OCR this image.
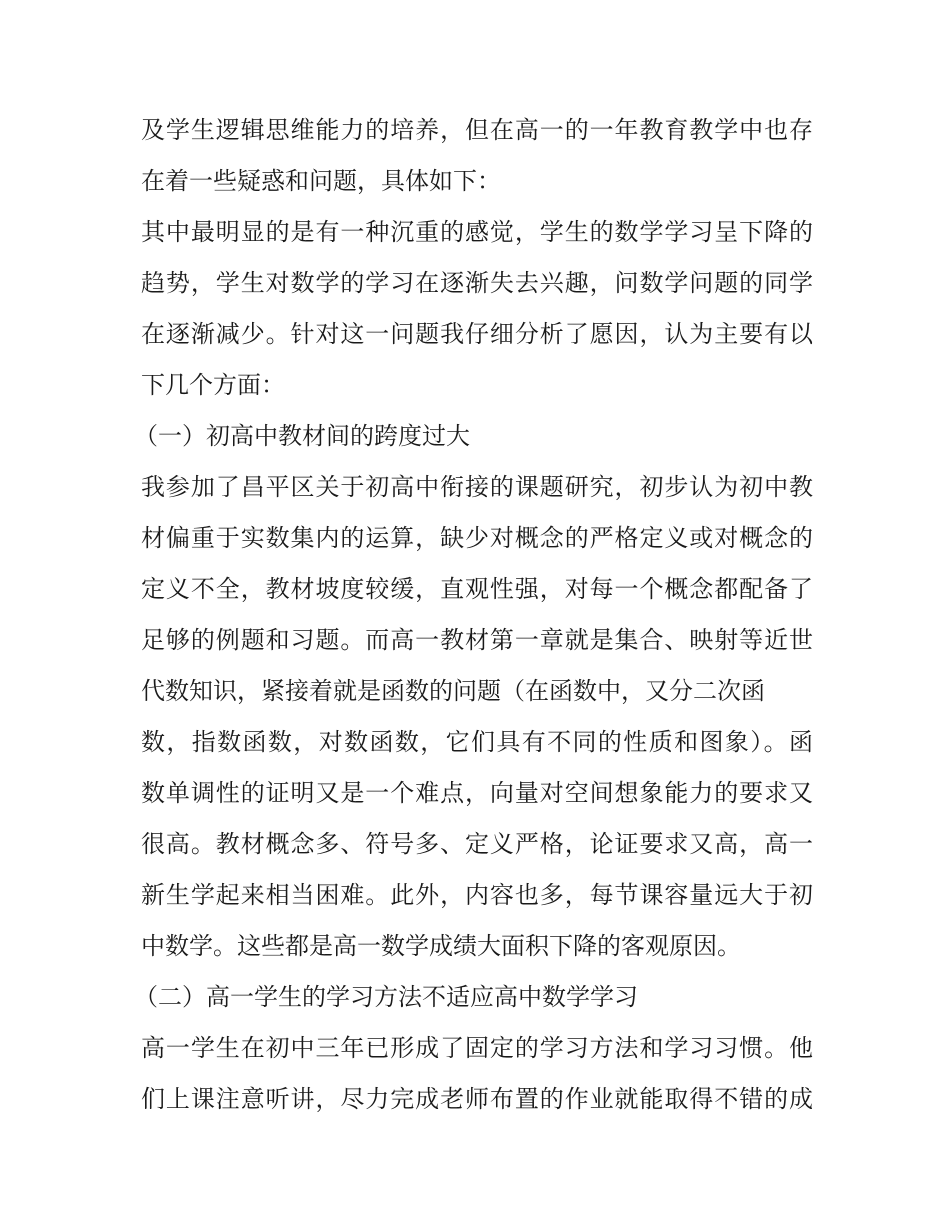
及学生逻辑思维能力的培养，但在高一的一年教育教学中也存
在着一些疑惑和问题，具体如下：
其中最明显的是有一种沉重的感觉，学生的数学学习呈下降的
趋势，学生对数学的学习在逐渐失去兴趣，问数学问题的同学
在逐渐减少。针对这一问题我仔细分析了愿因，认为主要有以
下几个方面：
（一）初高中教材间的跨度过大
我参加了昌平区关于初高中衔接的课题研究，初步认为初中教
材偏重于实数集内的运算，缺少对概念的严格定义或对概念的
定义不全，教材坡度较缓，直观性强，对每一个概念都配备了
足够的例题和习题。而高一教材第一章就是集合、映射等近世
代数知识，紧接着就是函数的问题（在函数中，又分二次函
数，指数函数，对数函数，它们具有不同的性质和图象）。函
数单调性的证明又是一个难点，向量对空间想象能力的要求又
很高。教材概念多、符号多、定义严格，论证要求又高，高一
新生学起来相当困难。此外，内容也多，每节课容量远大于初
中数学。这些都是高一数学成绩大面积下降的客观原因。
（二）高一学生的学习方法不适应高中数学学习
高一学生在初中三年已形成了固定的学习方法和学习习惯。他
们上课注意听讲，尽力完成老师布置的作业就能取得不错的成
